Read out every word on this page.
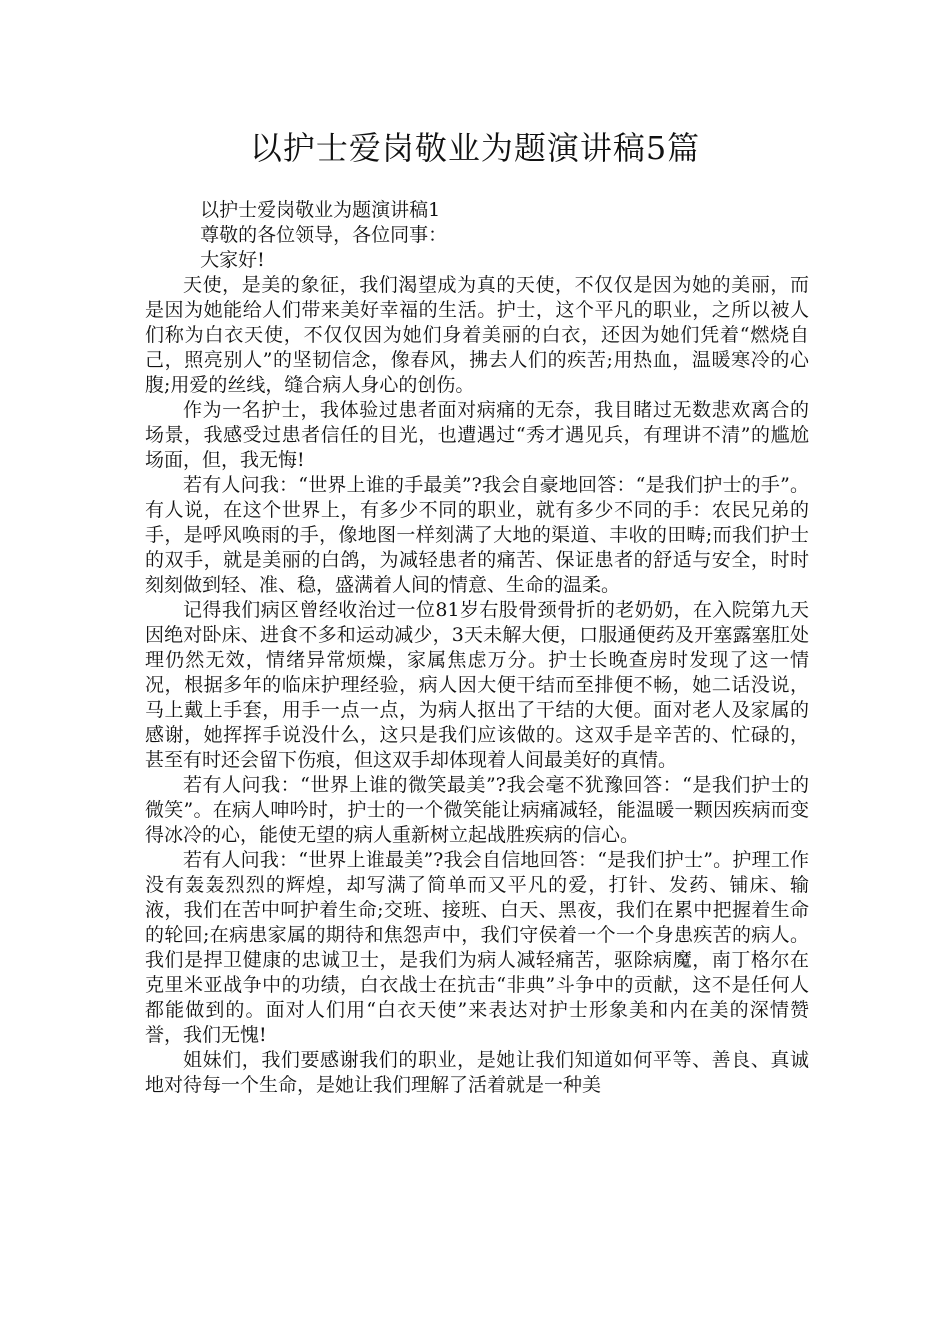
以护士爱岗敬业为题演讲稿5篇

以护士爱岗敬业为题演讲稿1

尊敬的各位领导，各位同事：

大家好!

天使，是美的象征，我们渴望成为真的天使，不仅仅是因为她的美丽，而是因为她能给人们带来美好幸福的生活。护士，这个平凡的职业，之所以被人们称为白衣天使，不仅仅因为她们身着美丽的白衣，还因为她们凭着“燃烧自己，照亮别人”的坚韧信念，像春风，拂去人们的疾苦;用热血，温暖寒冷的心腹;用爱的丝线，缝合病人身心的创伤。

作为一名护士，我体验过患者面对病痛的无奈，我目睹过无数悲欢离合的场景，我感受过患者信任的目光，也遭遇过“秀才遇见兵，有理讲不清”的尴尬场面，但，我无悔!

若有人问我：“世界上谁的手最美”?我会自豪地回答：“是我们护士的手”。有人说，在这个世界上，有多少不同的职业，就有多少不同的手：农民兄弟的手，是呼风唤雨的手，像地图一样刻满了大地的渠道、丰收的田畴;而我们护士的双手，就是美丽的白鸽，为减轻患者的痛苦、保证患者的舒适与安全，时时刻刻做到轻、准、稳，盛满着人间的情意、生命的温柔。

记得我们病区曾经收治过一位81岁右股骨颈骨折的老奶奶，在入院第九天因绝对卧床、进食不多和运动减少，3天未解大便，口服通便药及开塞露塞肛处理仍然无效，情绪异常烦燥，家属焦虑万分。护士长晚查房时发现了这一情况，根据多年的临床护理经验，病人因大便干结而至排便不畅，她二话没说，马上戴上手套，用手一点一点，为病人抠出了干结的大便。面对老人及家属的感谢，她挥挥手说没什么，这只是我们应该做的。这双手是辛苦的、忙碌的，甚至有时还会留下伤痕，但这双手却体现着人间最美好的真情。

若有人问我：“世界上谁的微笑最美”?我会毫不犹豫回答：“是我们护士的微笑”。在病人呻吟时，护士的一个微笑能让病痛减轻，能温暖一颗因疾病而变得冰冷的心，能使无望的病人重新树立起战胜疾病的信心。

若有人问我：“世界上谁最美”?我会自信地回答：“是我们护士”。护理工作没有轰轰烈烈的辉煌，却写满了简单而又平凡的爱，打针、发药、铺床、输液，我们在苦中呵护着生命;交班、接班、白天、黑夜，我们在累中把握着生命的轮回;在病患家属的期待和焦怨声中，我们守侯着一个一个身患疾苦的病人。我们是捍卫健康的忠诚卫士，是我们为病人减轻痛苦，驱除病魔，南丁格尔在克里米亚战争中的功绩，白衣战士在抗击“非典”斗争中的贡献，这不是任何人都能做到的。面对人们用“白衣天使”来表达对护士形象美和内在美的深情赞誉，我们无愧!

姐妹们，我们要感谢我们的职业，是她让我们知道如何平等、善良、真诚地对待每一个生命，是她让我们理解了活着就是一种美
